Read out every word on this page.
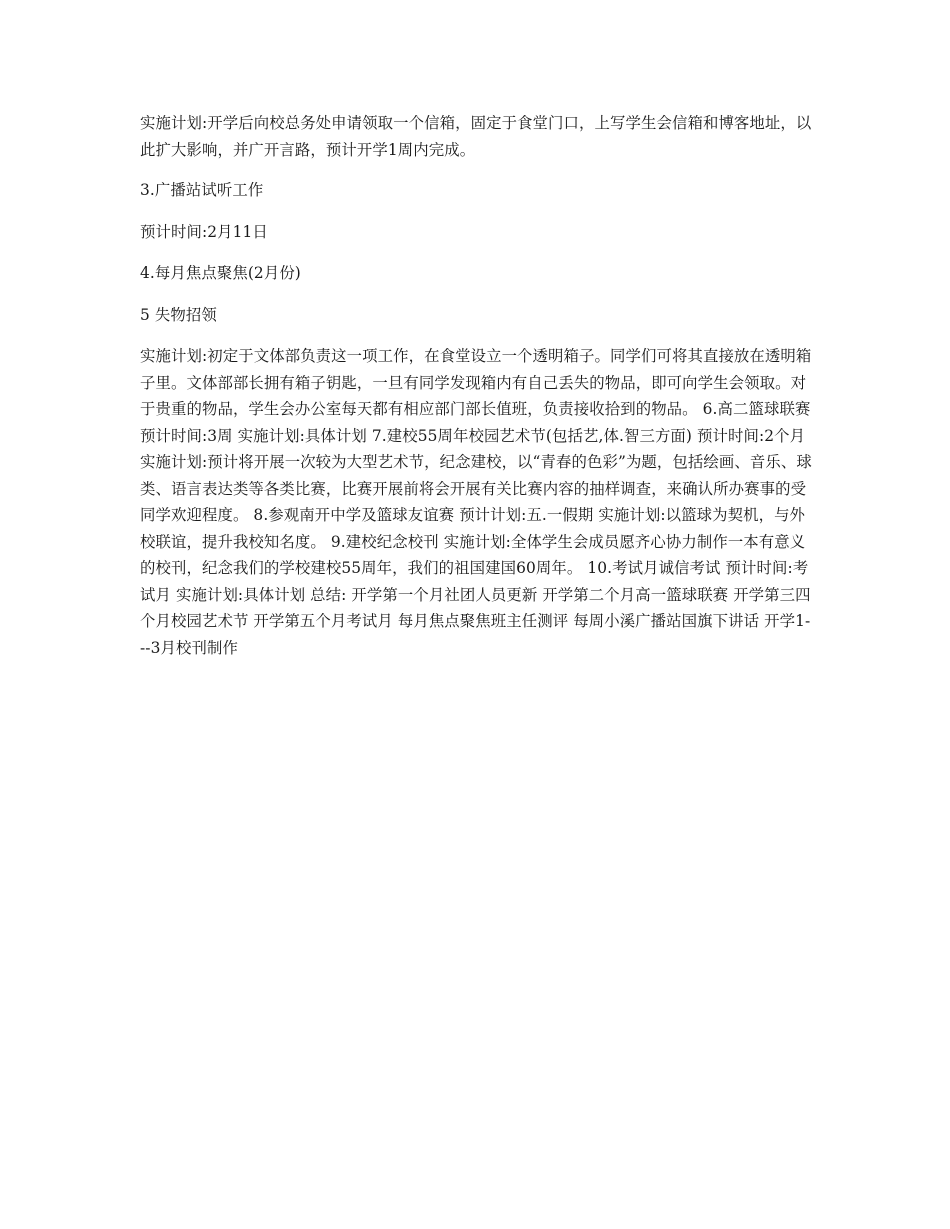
实施计划:开学后向校总务处申请领取一个信箱，固定于食堂门口，上写学生会信箱和博客地址，以此扩大影响，并广开言路，预计开学1周内完成。

3.广播站试听工作

预计时间:2月11日

4.每月焦点聚焦(2月份)

5 失物招领

实施计划:初定于文体部负责这一项工作，在食堂设立一个透明箱子。同学们可将其直接放在透明箱子里。文体部部长拥有箱子钥匙，一旦有同学发现箱内有自己丢失的物品，即可向学生会领取。对于贵重的物品，学生会办公室每天都有相应部门部长值班，负责接收拾到的物品。 6.高二篮球联赛 预计时间:3周 实施计划:具体计划 7.建校55周年校园艺术节(包括艺,体.智三方面) 预计时间:2个月 实施计划:预计将开展一次较为大型艺术节，纪念建校，以“青春的色彩”为题，包括绘画、音乐、球类、语言表达类等各类比赛，比赛开展前将会开展有关比赛内容的抽样调查，来确认所办赛事的受同学欢迎程度。 8.参观南开中学及篮球友谊赛 预计计划:五.一假期 实施计划:以篮球为契机，与外校联谊，提升我校知名度。 9.建校纪念校刊 实施计划:全体学生会成员愿齐心协力制作一本有意义的校刊，纪念我们的学校建校55周年，我们的祖国建国60周年。 10.考试月诚信考试 预计时间:考试月 实施计划:具体计划 总结: 开学第一个月社团人员更新 开学第二个月高一篮球联赛 开学第三四个月校园艺术节 开学第五个月考试月 每月焦点聚焦班主任测评 每周小溪广播站国旗下讲话 开学1---3月校刊制作
